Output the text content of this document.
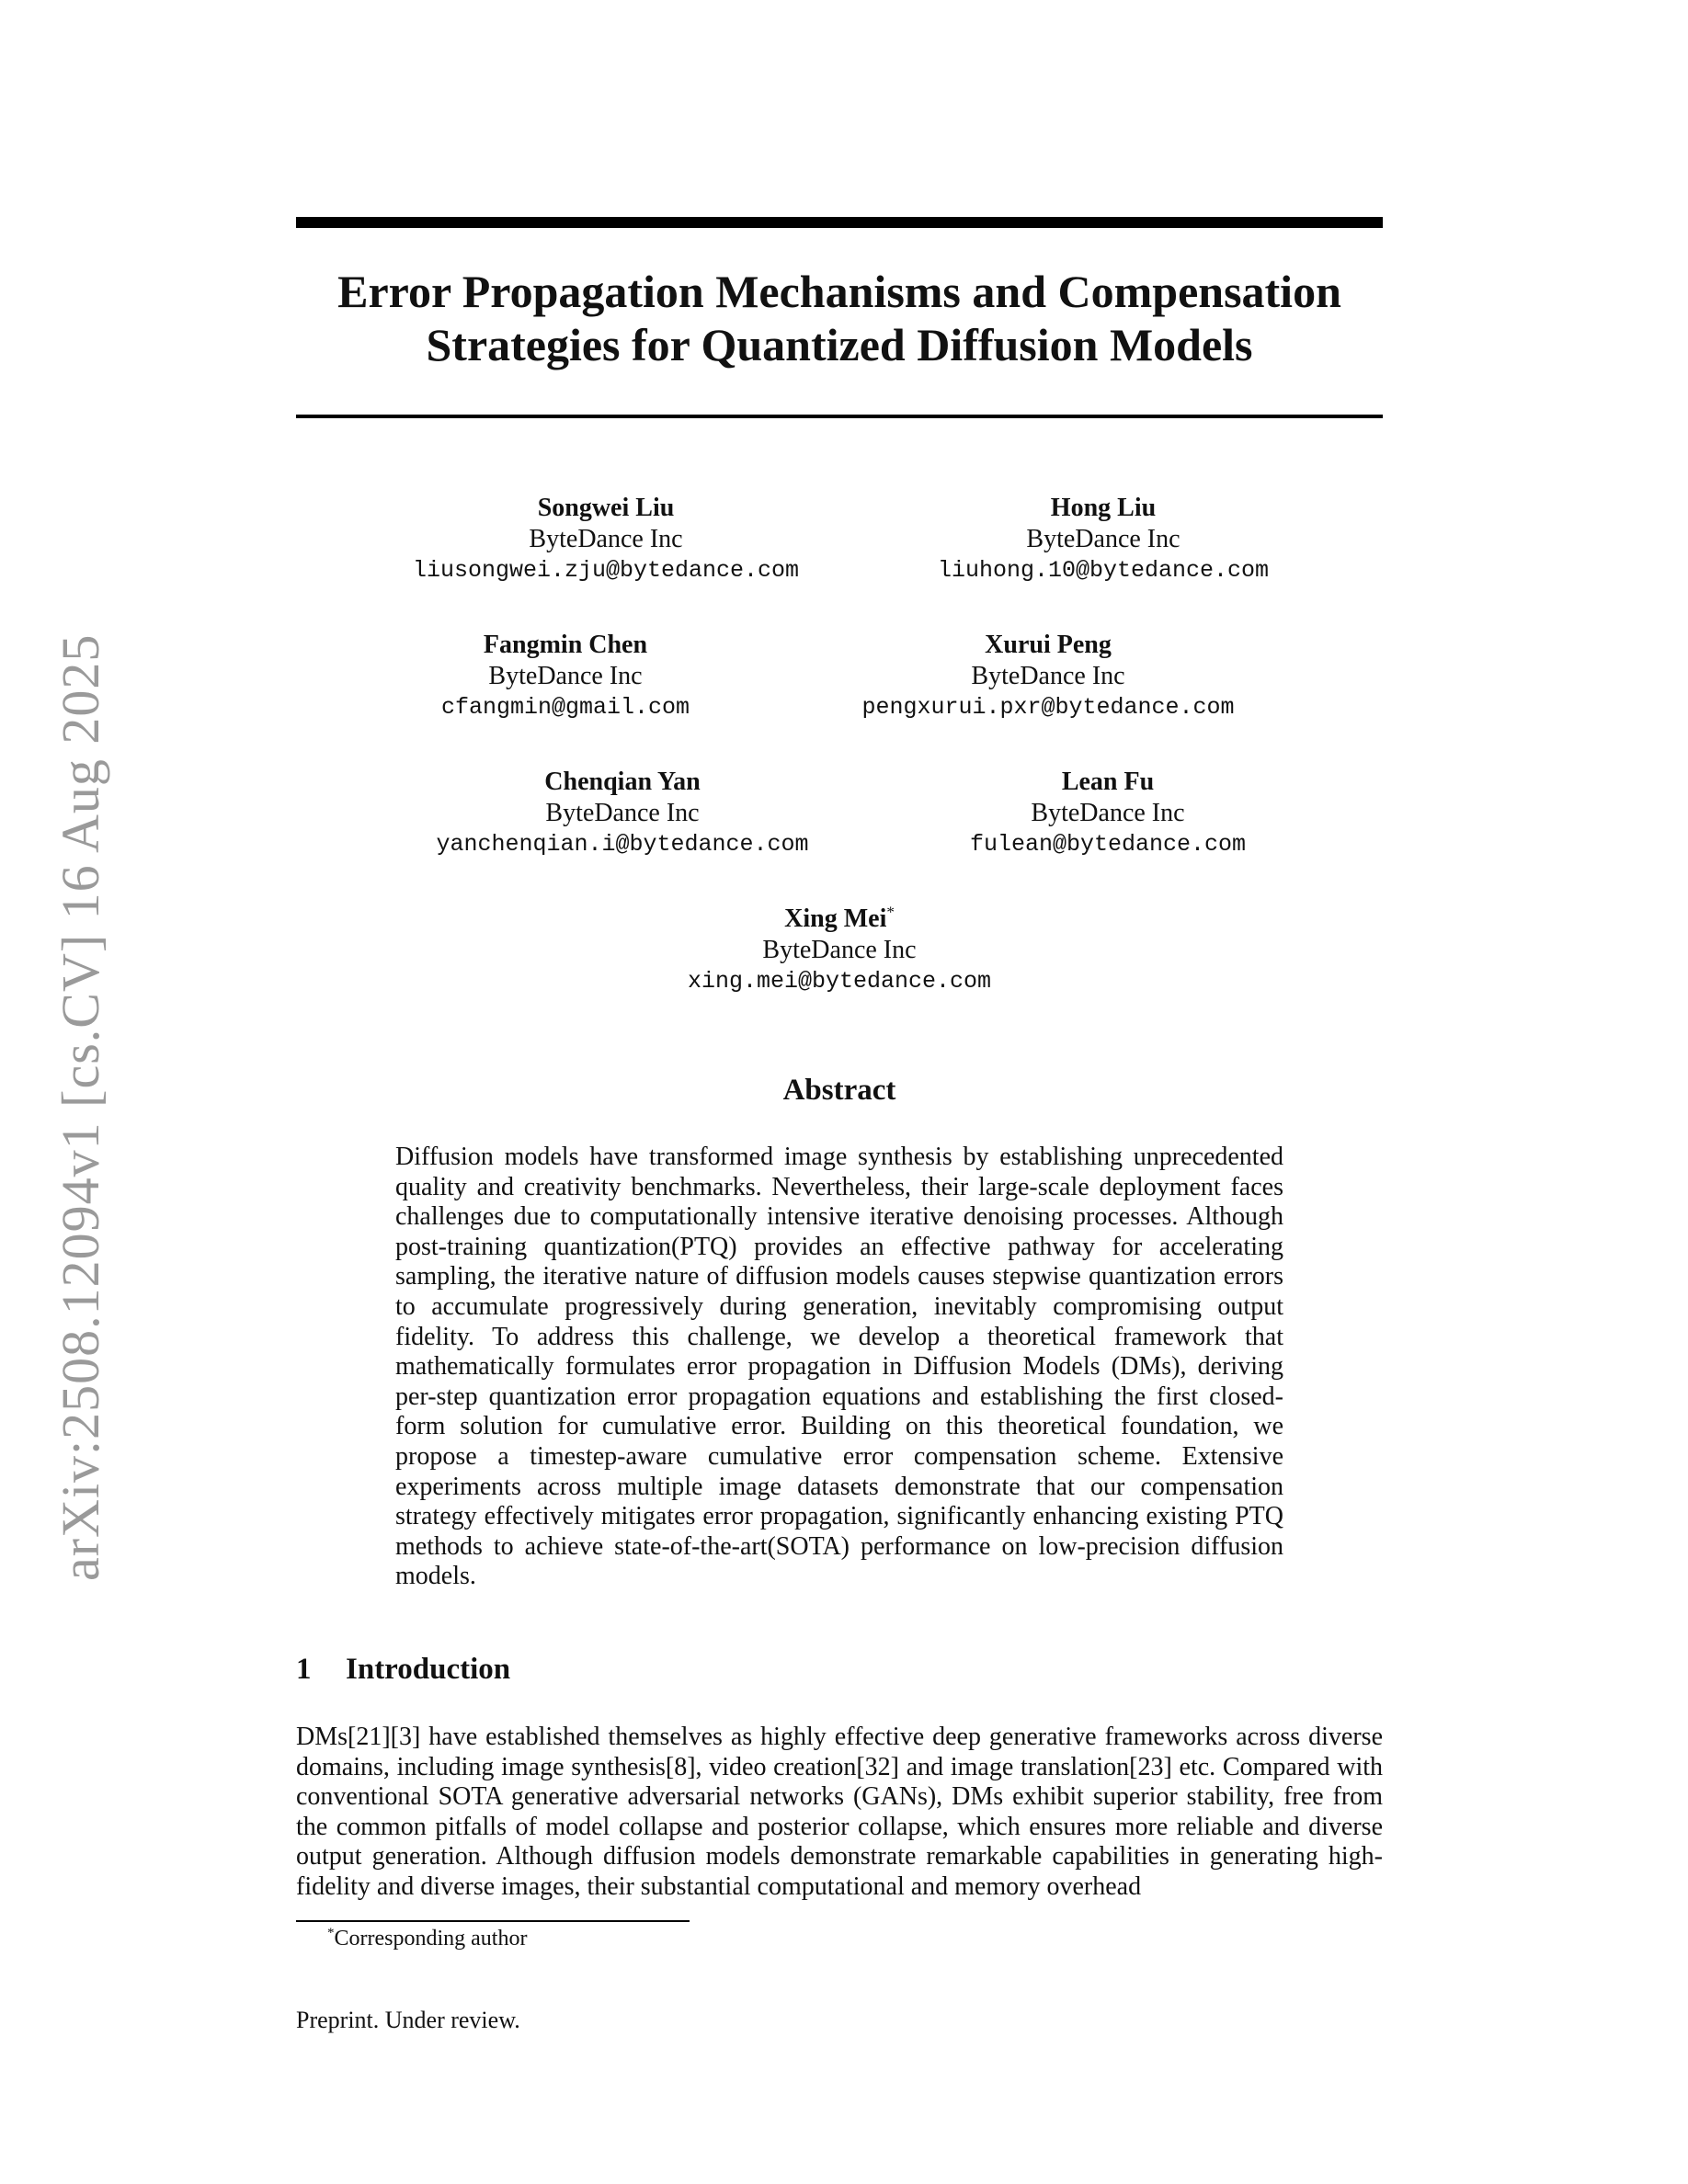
arXiv:2508.12094v1 [cs.CV] 16 Aug 2025
Error Propagation Mechanisms and Compensation
Strategies for Quantized Diffusion Models
Songwei Liu
ByteDance Inc
liusongwei.zju@bytedance.com
Hong Liu
ByteDance Inc
liuhong.10@bytedance.com
Fangmin Chen
ByteDance Inc
cfangmin@gmail.com
Xurui Peng
ByteDance Inc
pengxurui.pxr@bytedance.com
Chenqian Yan
ByteDance Inc
yanchenqian.i@bytedance.com
Lean Fu
ByteDance Inc
fulean@bytedance.com
Xing Mei*
ByteDance Inc
xing.mei@bytedance.com
Abstract

Diffusion models have transformed image synthesis by establishing unprecedented quality and creativity benchmarks. Nevertheless, their large-scale deployment faces challenges due to computationally intensive iterative denoising processes. Although post-training quantization(PTQ) provides an effective pathway for accelerating sampling, the iterative nature of diffusion models causes stepwise quantization errors to accumulate progressively during generation, inevitably compromising output fidelity. To address this challenge, we develop a theoretical framework that mathematically formulates error propagation in Diffusion Models (DMs), deriving per-step quantization error propagation equations and establishing the first closed-form solution for cumulative error. Building on this theoretical foundation, we propose a timestep-aware cumulative error compensation scheme. Extensive experiments across multiple image datasets demonstrate that our compensation strategy effectively mitigates error propagation, significantly enhancing existing PTQ methods to achieve state-of-the-art(SOTA) performance on low-precision diffusion models.

1 Introduction

DMs[21][3] have established themselves as highly effective deep generative frameworks across diverse domains, including image synthesis[8], video creation[32] and image translation[23] etc. Compared with conventional SOTA generative adversarial networks (GANs), DMs exhibit superior stability, free from the common pitfalls of model collapse and posterior collapse, which ensures more reliable and diverse output generation. Although diffusion models demonstrate remarkable capabilities in generating high-fidelity and diverse images, their substantial computational and memory overhead

*Corresponding author

Preprint. Under review.
